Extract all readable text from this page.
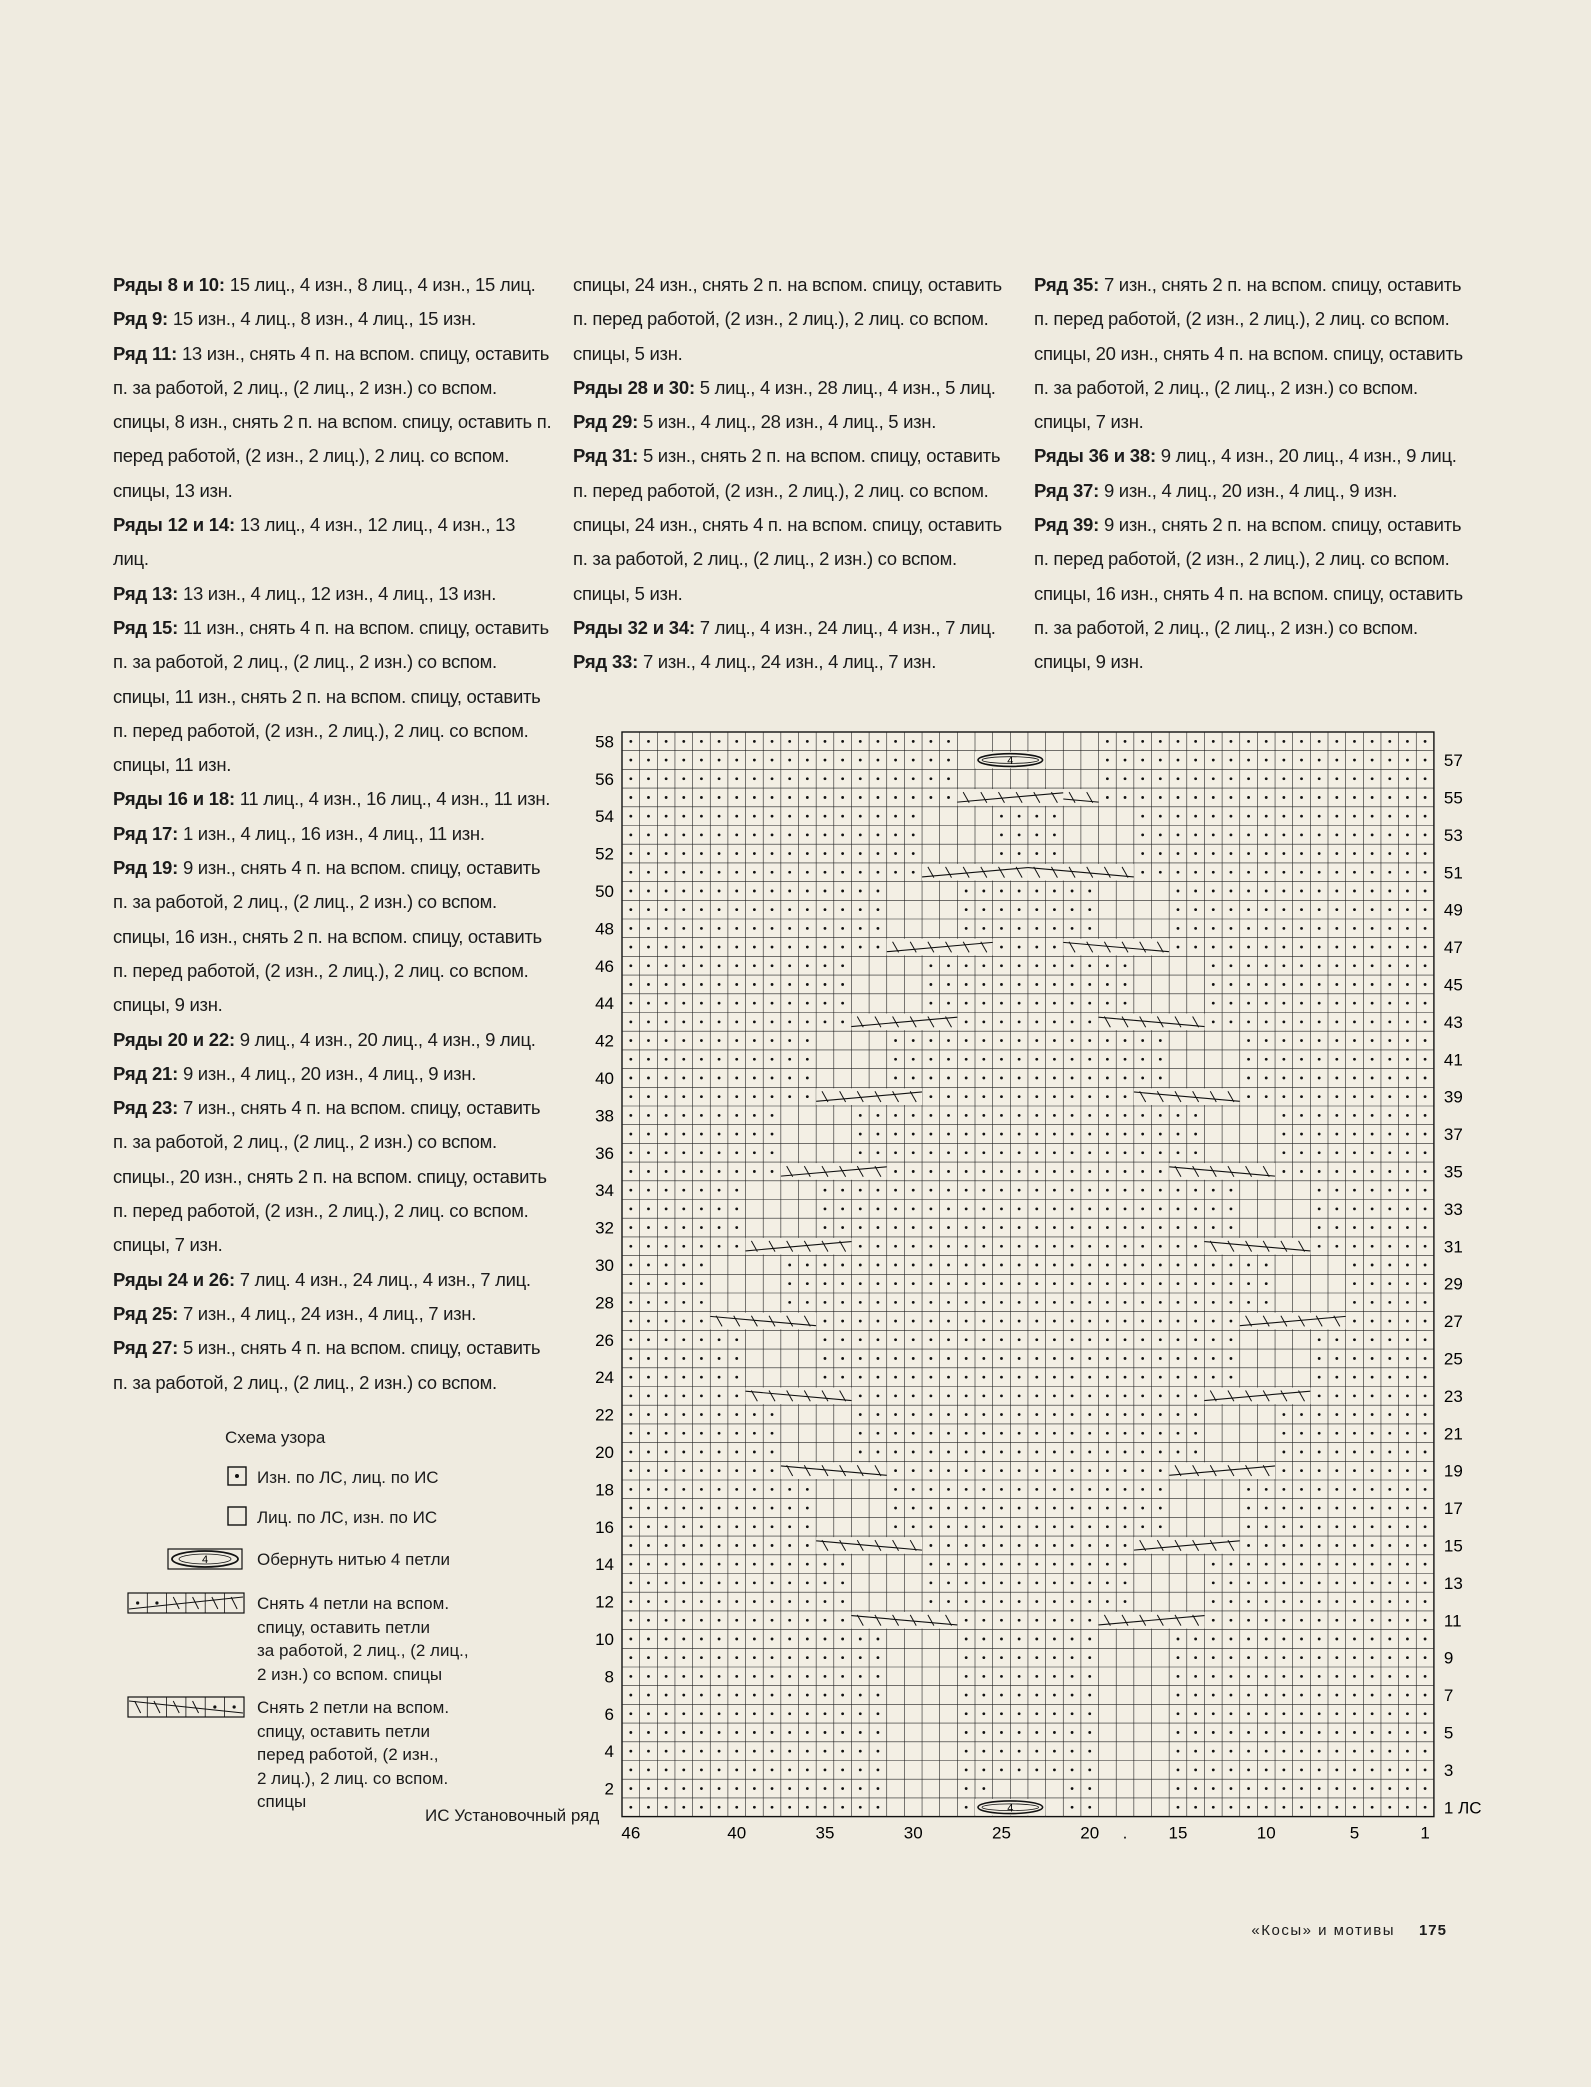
Ряды 8 и 10: 15 лиц., 4 изн., 8 лиц., 4 изн., 15 лиц.

Ряд 9: 15 изн., 4 лиц., 8 изн., 4 лиц., 15 изн.

Ряд 11: 13 изн., снять 4 п. на вспом. спицу, оставить п. за работой, 2 лиц., (2 лиц., 2 изн.) со вспом. спицы, 8 изн., снять 2 п. на вспом. спицу, оставить п. перед работой, (2 изн., 2 лиц.), 2 лиц. со вспом. спицы, 13 изн.

Ряды 12 и 14: 13 лиц., 4 изн., 12 лиц., 4 изн., 13 лиц.

Ряд 13: 13 изн., 4 лиц., 12 изн., 4 лиц., 13 изн.

Ряд 15: 11 изн., снять 4 п. на вспом. спицу, оставить п. за работой, 2 лиц., (2 лиц., 2 изн.) со вспом. спицы, 11 изн., снять 2 п. на вспом. спицу, оставить п. перед работой, (2 изн., 2 лиц.), 2 лиц. со вспом. спицы, 11 изн.

Ряды 16 и 18: 11 лиц., 4 изн., 16 лиц., 4 изн., 11 изн.

Ряд 17: 1 изн., 4 лиц., 16 изн., 4 лиц., 11 изн.

Ряд 19: 9 изн., снять 4 п. на вспом. спицу, оставить п. за работой, 2 лиц., (2 лиц., 2 изн.) со вспом. спицы, 16 изн., снять 2 п. на вспом. спицу, оставить п. перед работой, (2 изн., 2 лиц.), 2 лиц. со вспом. спицы, 9 изн.

Ряды 20 и 22: 9 лиц., 4 изн., 20 лиц., 4 изн., 9 лиц.

Ряд 21: 9 изн., 4 лиц., 20 изн., 4 лиц., 9 изн.

Ряд 23: 7 изн., снять 4 п. на вспом. спицу, оставить п. за работой, 2 лиц., (2 лиц., 2 изн.) со вспом. спицы., 20 изн., снять 2 п. на вспом. спицу, оставить п. перед работой, (2 изн., 2 лиц.), 2 лиц. со вспом. спицы, 7 изн.

Ряды 24 и 26: 7 лиц. 4 изн., 24 лиц., 4 изн., 7 лиц.

Ряд 25: 7 изн., 4 лиц., 24 изн., 4 лиц., 7 изн.

Ряд 27: 5 изн., снять 4 п. на вспом. спицу, оставить п. за работой, 2 лиц., (2 лиц., 2 изн.) со вспом.

спицы, 24 изн., снять 2 п. на вспом. спицу, оставить п. перед работой, (2 изн., 2 лиц.), 2 лиц. со вспом. спицы, 5 изн.

Ряды 28 и 30: 5 лиц., 4 изн., 28 лиц., 4 изн., 5 лиц.

Ряд 29: 5 изн., 4 лиц., 28 изн., 4 лиц., 5 изн.

Ряд 31: 5 изн., снять 2 п. на вспом. спицу, оставить п. перед работой, (2 изн., 2 лиц.), 2 лиц. со вспом. спицы, 24 изн., снять 4 п. на вспом. спицу, оставить п. за работой, 2 лиц., (2 лиц., 2 изн.) со вспом. спицы, 5 изн.

Ряды 32 и 34: 7 лиц., 4 изн., 24 лиц., 4 изн., 7 лиц.

Ряд 33: 7 изн., 4 лиц., 24 изн., 4 лиц., 7 изн.

Ряд 35: 7 изн., снять 2 п. на вспом. спицу, оставить п. перед работой, (2 изн., 2 лиц.), 2 лиц. со вспом. спицы, 20 изн., снять 4 п. на вспом. спицу, оставить п. за работой, 2 лиц., (2 лиц., 2 изн.) со вспом. спицы, 7 изн.

Ряды 36 и 38: 9 лиц., 4 изн., 20 лиц., 4 изн., 9 лиц.

Ряд 37: 9 изн., 4 лиц., 20 изн., 4 лиц., 9 изн.

Ряд 39: 9 изн., снять 2 п. на вспом. спицу, оставить п. перед работой, (2 изн., 2 лиц.), 2 лиц. со вспом. спицы, 16 изн., снять 4 п. на вспом. спицу, оставить п. за работой, 2 лиц., (2 лиц., 2 изн.) со вспом. спицы, 9 изн.

Схема узора
Изн. по ЛС, лиц. по ИС
Лиц. по ЛС, изн. по ИС
4	Обернуть нитью 4 петли
Снять 4 петли на вспом.
спицу, оставить петли
за работой, 2 лиц., (2 лиц.,
2 изн.) со вспом. спицы
Снять 2 петли на вспом.
спицу, оставить петли
перед работой, (2 изн.,
2 лиц.), 2 лиц. со вспом.
спицы	4
4
58
56
54
52
50
48
46
44
42
40
38
36
34
32
30
28
26
24
22
20
18
16
14
12
10
8
6
4
2
57
55
53
51
49
47
45
43
41
39
37
35
33
31
29
27
25
23
21
19
17
15
13
11
9
7
5
3
1 ЛС
46	40	35	30	25	20 . 15	10	5	1
ИС Установочный ряд
«Косы» и мотивы 175
